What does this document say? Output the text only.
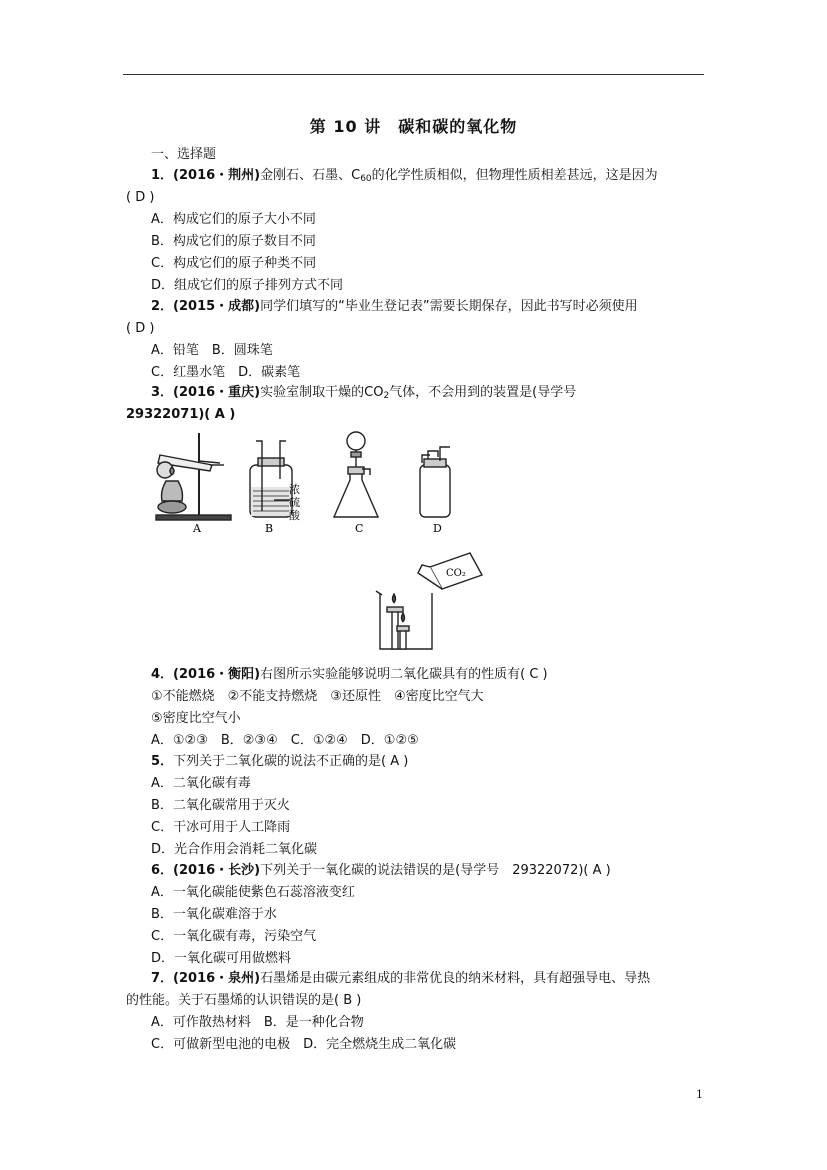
第 10 讲　碳和碳的氧化物
一、选择题
1．(2016・荆州)金刚石、石墨、$C_{60}$的化学性质相似，但物理性质相差甚远，这是因为
( D )
A．构成它们的原子大小不同
B．构成它们的原子数目不同
C．构成它们的原子种类不同
D．组成它们的原子排列方式不同
2．(2015・成都)同学们填写的“毕业生登记表”需要长期保存，因此书写时必须使用
( D )
A．铅笔　B．圆珠笔
C．红墨水笔　D．碳素笔
3．(2016・重庆)实验室制取干燥的$CO_2$气体，不会用到的装置是(导学号
29322071)( A )
浓
硫
酸
A	B	C	D
CO₂
4．(2016・衡阳)右图所示实验能够说明二氧化碳具有的性质有( C )
①不能燃烧　②不能支持燃烧　③还原性　④密度比空气大
⑤密度比空气小
A．①②③　B．②③④　C．①②④　D．①②⑤
5．下列关于二氧化碳的说法不正确的是( A )
A．二氧化碳有毒
B．二氧化碳常用于灭火
C．干冰可用于人工降雨
D．光合作用会消耗二氧化碳
6．(2016・长沙)下列关于一氧化碳的说法错误的是(导学号　29322072)( A )
A．一氧化碳能使紫色石蕊溶液变红
B．一氧化碳难溶于水
C．一氧化碳有毒，污染空气
D．一氧化碳可用做燃料
7．(2016・泉州)石墨烯是由碳元素组成的非常优良的纳米材料，具有超强导电、导热
的性能。关于石墨烯的认识错误的是( B )
A．可作散热材料　B．是一种化合物
C．可做新型电池的电极　D．完全燃烧生成二氧化碳
1
